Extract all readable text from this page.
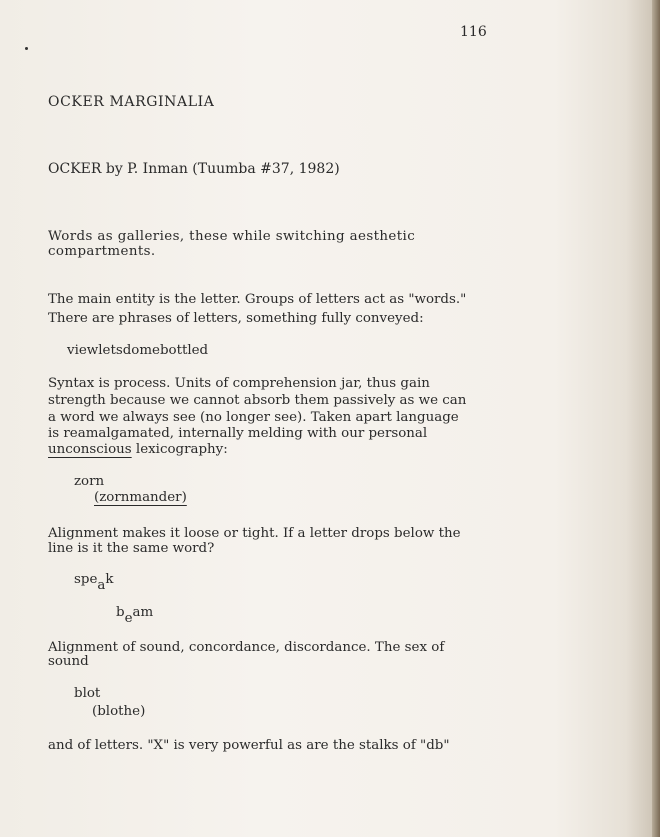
116

OCKER MARGINALIA

OCKER by P. Inman (Tuumba #37, 1982)

Words as galleries, these while switching aesthetic

compartments.

The main entity is the letter. Groups of letters act as "words."

There are phrases of letters, something fully conveyed:

viewletsdomebottled

Syntax is process. Units of comprehension jar, thus gain

strength because we cannot absorb them passively as we can

a word we always see (no longer see). Taken apart language

is reamalgamated, internally melding with our personal

unconscious lexicography:

zorn

(zornmander)

Alignment makes it loose or tight. If a letter drops below the

line is it the same word?

speak

beam

Alignment of sound, concordance, discordance. The sex of

sound

blot

(blothe)

and of letters. "X" is very powerful as are the stalks of "db"
